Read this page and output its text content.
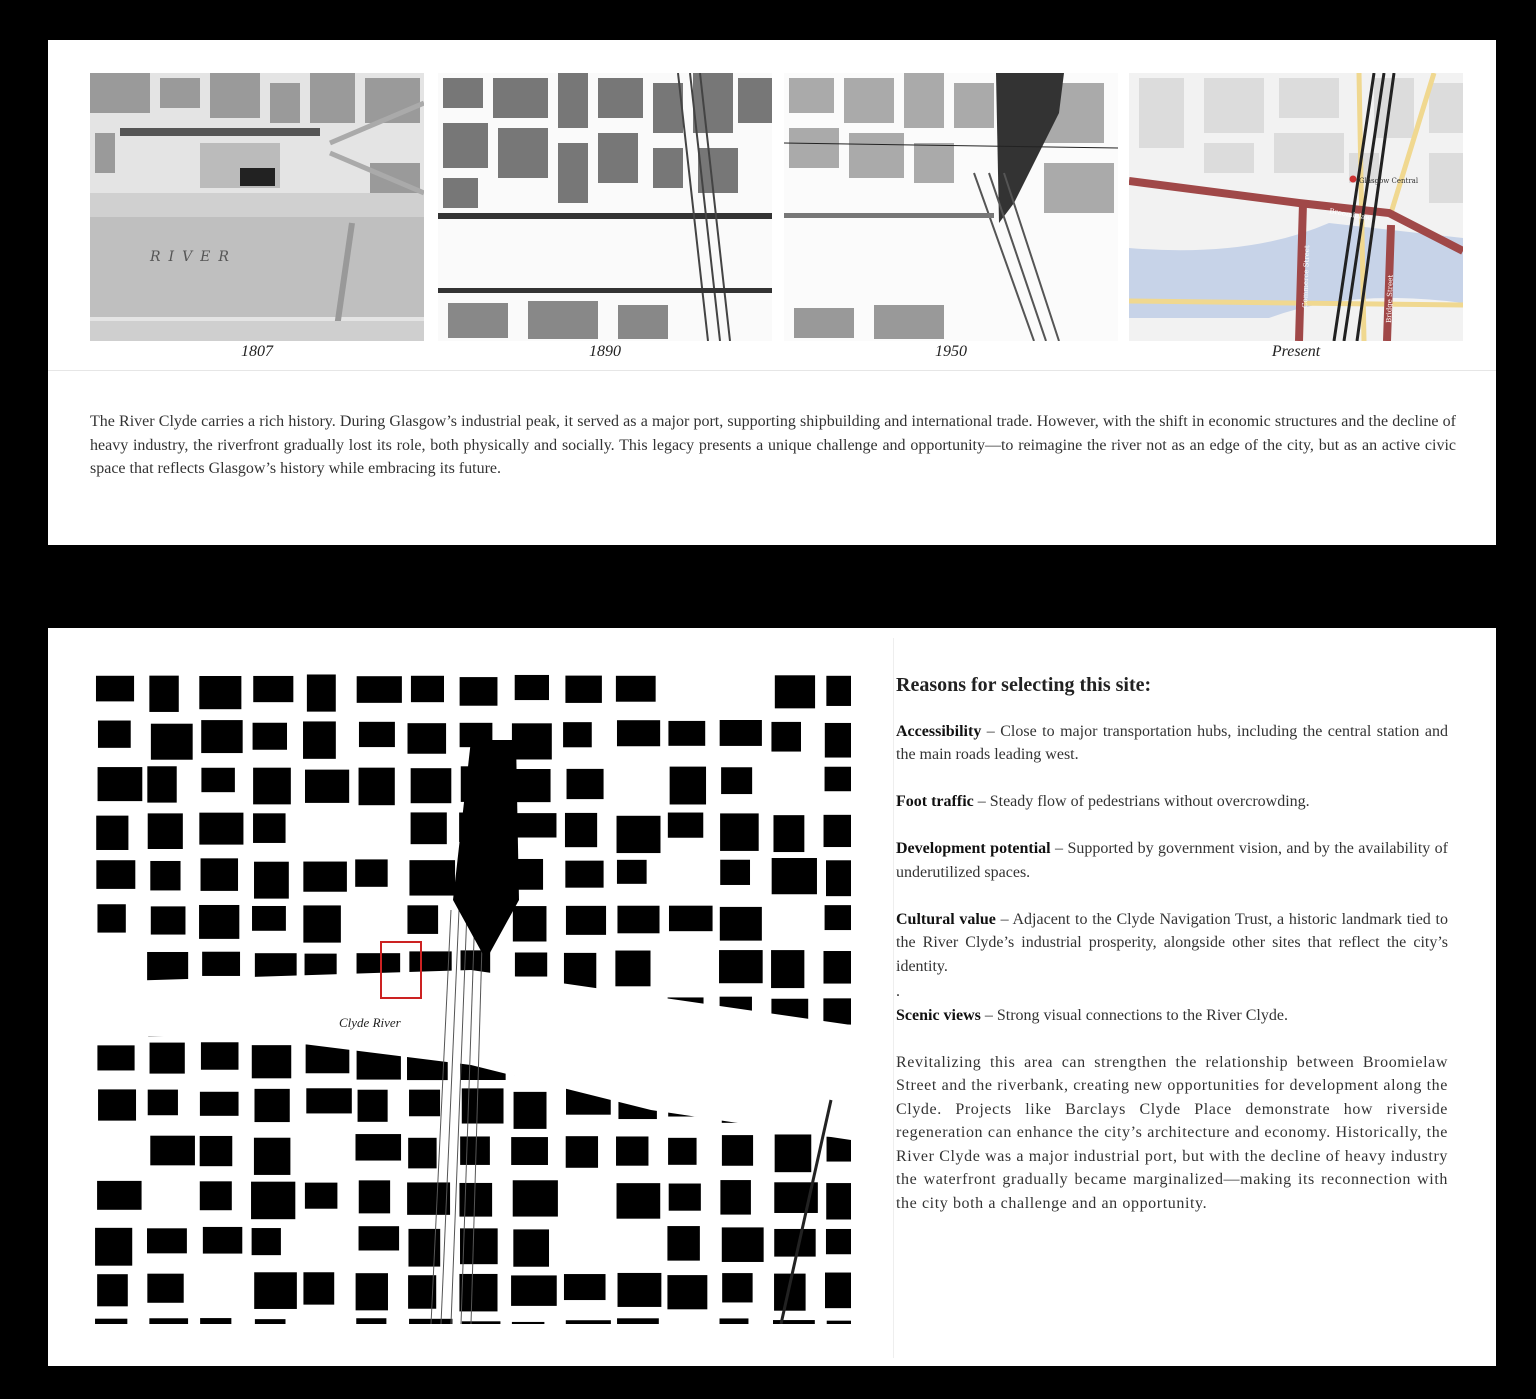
RIVER
1807	1890	1950
Glasgow Central
Broomielaw
Commerce Street	Bridge Street
Present
The River Clyde carries a rich history. During Glasgow’s industrial peak, it served as a major port, supporting shipbuilding and international trade. However, with the shift in economic structures and the decline of heavy industry, the riverfront gradually lost its role, both physically and socially. This legacy presents a unique challenge and opportunity—to reimagine the river not as an edge of the city, but as an active civic space that reflects Glasgow’s history while embracing its future.
Clyde River
Reasons for selecting this site:

Accessibility – Close to major transportation hubs, including the central station and the main roads leading west.

Foot traffic – Steady flow of pedestrians without overcrowding.

Development potential – Supported by government vision, and by the availability of underutilized spaces.

Cultural value – Adjacent to the Clyde Navigation Trust, a historic landmark tied to the River Clyde’s industrial prosperity, alongside other sites that reflect the city’s identity.

.

Scenic views – Strong visual connections to the River Clyde.

Revitalizing this area can strengthen the relationship between Broomielaw Street and the riverbank, creating new opportunities for development along the Clyde. Projects like Barclays Clyde Place demonstrate how riverside regeneration can enhance the city’s architecture and economy. Historically, the River Clyde was a major industrial port, but with the decline of heavy industry the waterfront gradually became marginalized—making its reconnection with the city both a challenge and an opportunity.
